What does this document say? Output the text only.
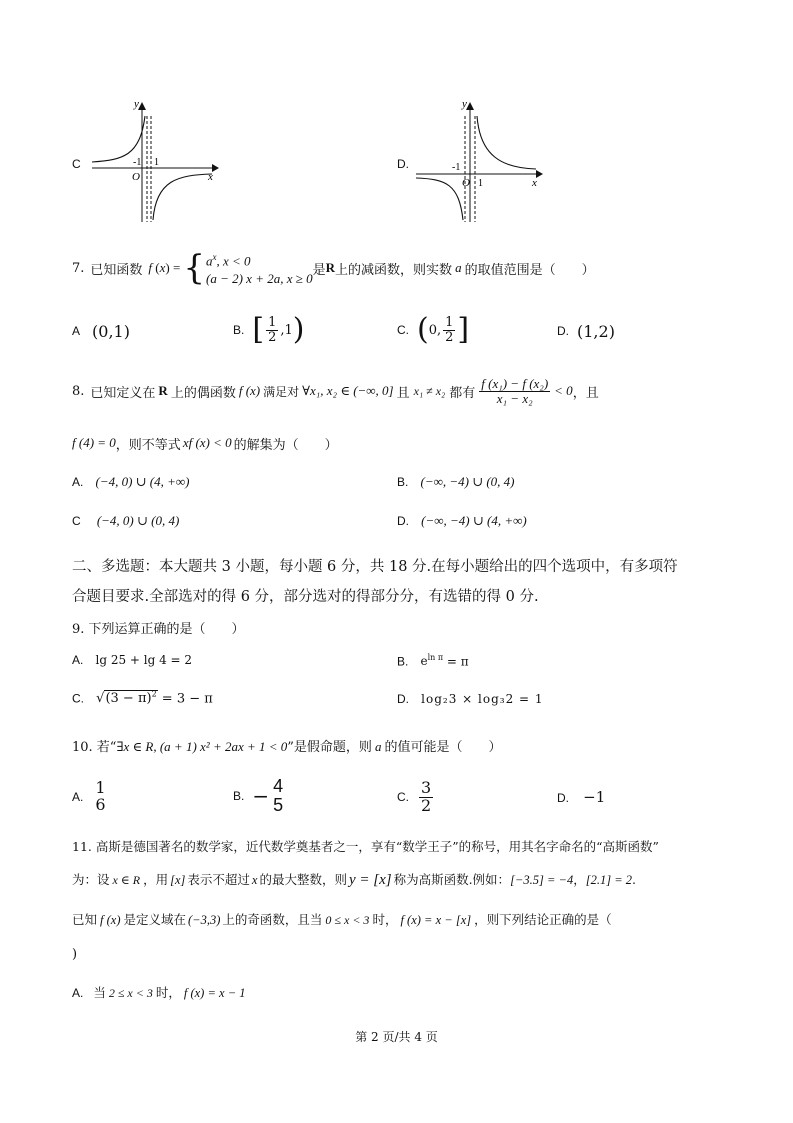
C
y
x
O
-1 1	D.
y
x
O
-1
1
7. 已知函数 f (x) = { $a^x$, x < 0
(a − 2) x + 2a, x ≥ 0
是 R 上的减函数，则实数 a 的取值范围是（　　）
A (0,1)	B. [ $\frac{1}{2} ,1$ )	C. ( 0, $\frac{1}{2}$ ]	D. (1,2)
8. 已知定义在 R 上的偶函数 f (x) 满足对 ∀x₁, x₂ ∈ (−∞, 0] 且 x₁ ≠ x₂ 都有 $\frac{\text{f (x₁) − f (x₂)}}{\text{x₁ − x₂}} < 0$ ，且
f (4) = 0 ，则不等式 xf (x) < 0 的解集为（　　）
A. (−4, 0) ∪ (4, +∞)	B. (−∞, −4) ∪ (0, 4)
C (−4, 0) ∪ (0, 4)	D. (−∞, −4) ∪ (4, +∞)
二、多选题：本大题共 3 小题，每小题 6 分，共 18 分.在每小题给出的四个选项中，有多项符
合题目要求.全部选对的得 6 分，部分选对的得部分分，有选错的得 0 分.
9. 下列运算正确的是（　　）
A. lg 25 + lg 4 = 2	B. $e^{ln \pi} = \pi$
C. $√(3 - \pi)^2 = 3 - \pi$	D. log₂3 × log₃2 = 1
10. 若“∃x ∈ R, (a + 1) x² + 2ax + 1 < 0”是假命题，则 a 的值可能是（　　）
A. 1
6	B. − 4
5	C. $\frac{3}{2}$	D. −1
11. 高斯是德国著名的数学家，近代数学奠基者之一，享有“数学王子”的称号，用其名字命名的“高斯函数”
为：设 x ∈ R ，用 [x] 表示不超过 x 的最大整数，则 y = [x] 称为高斯函数.例如：[−3.5] = −4，[2.1] = 2.
已知 f (x) 是定义域在 (−3,3) 上的奇函数，且当 0 ≤ x < 3 时， f (x) = x − [x] ，则下列结论正确的是（
)
A. 当 2 ≤ x < 3 时， f (x) = x − 1
第 2 页/共 4 页
